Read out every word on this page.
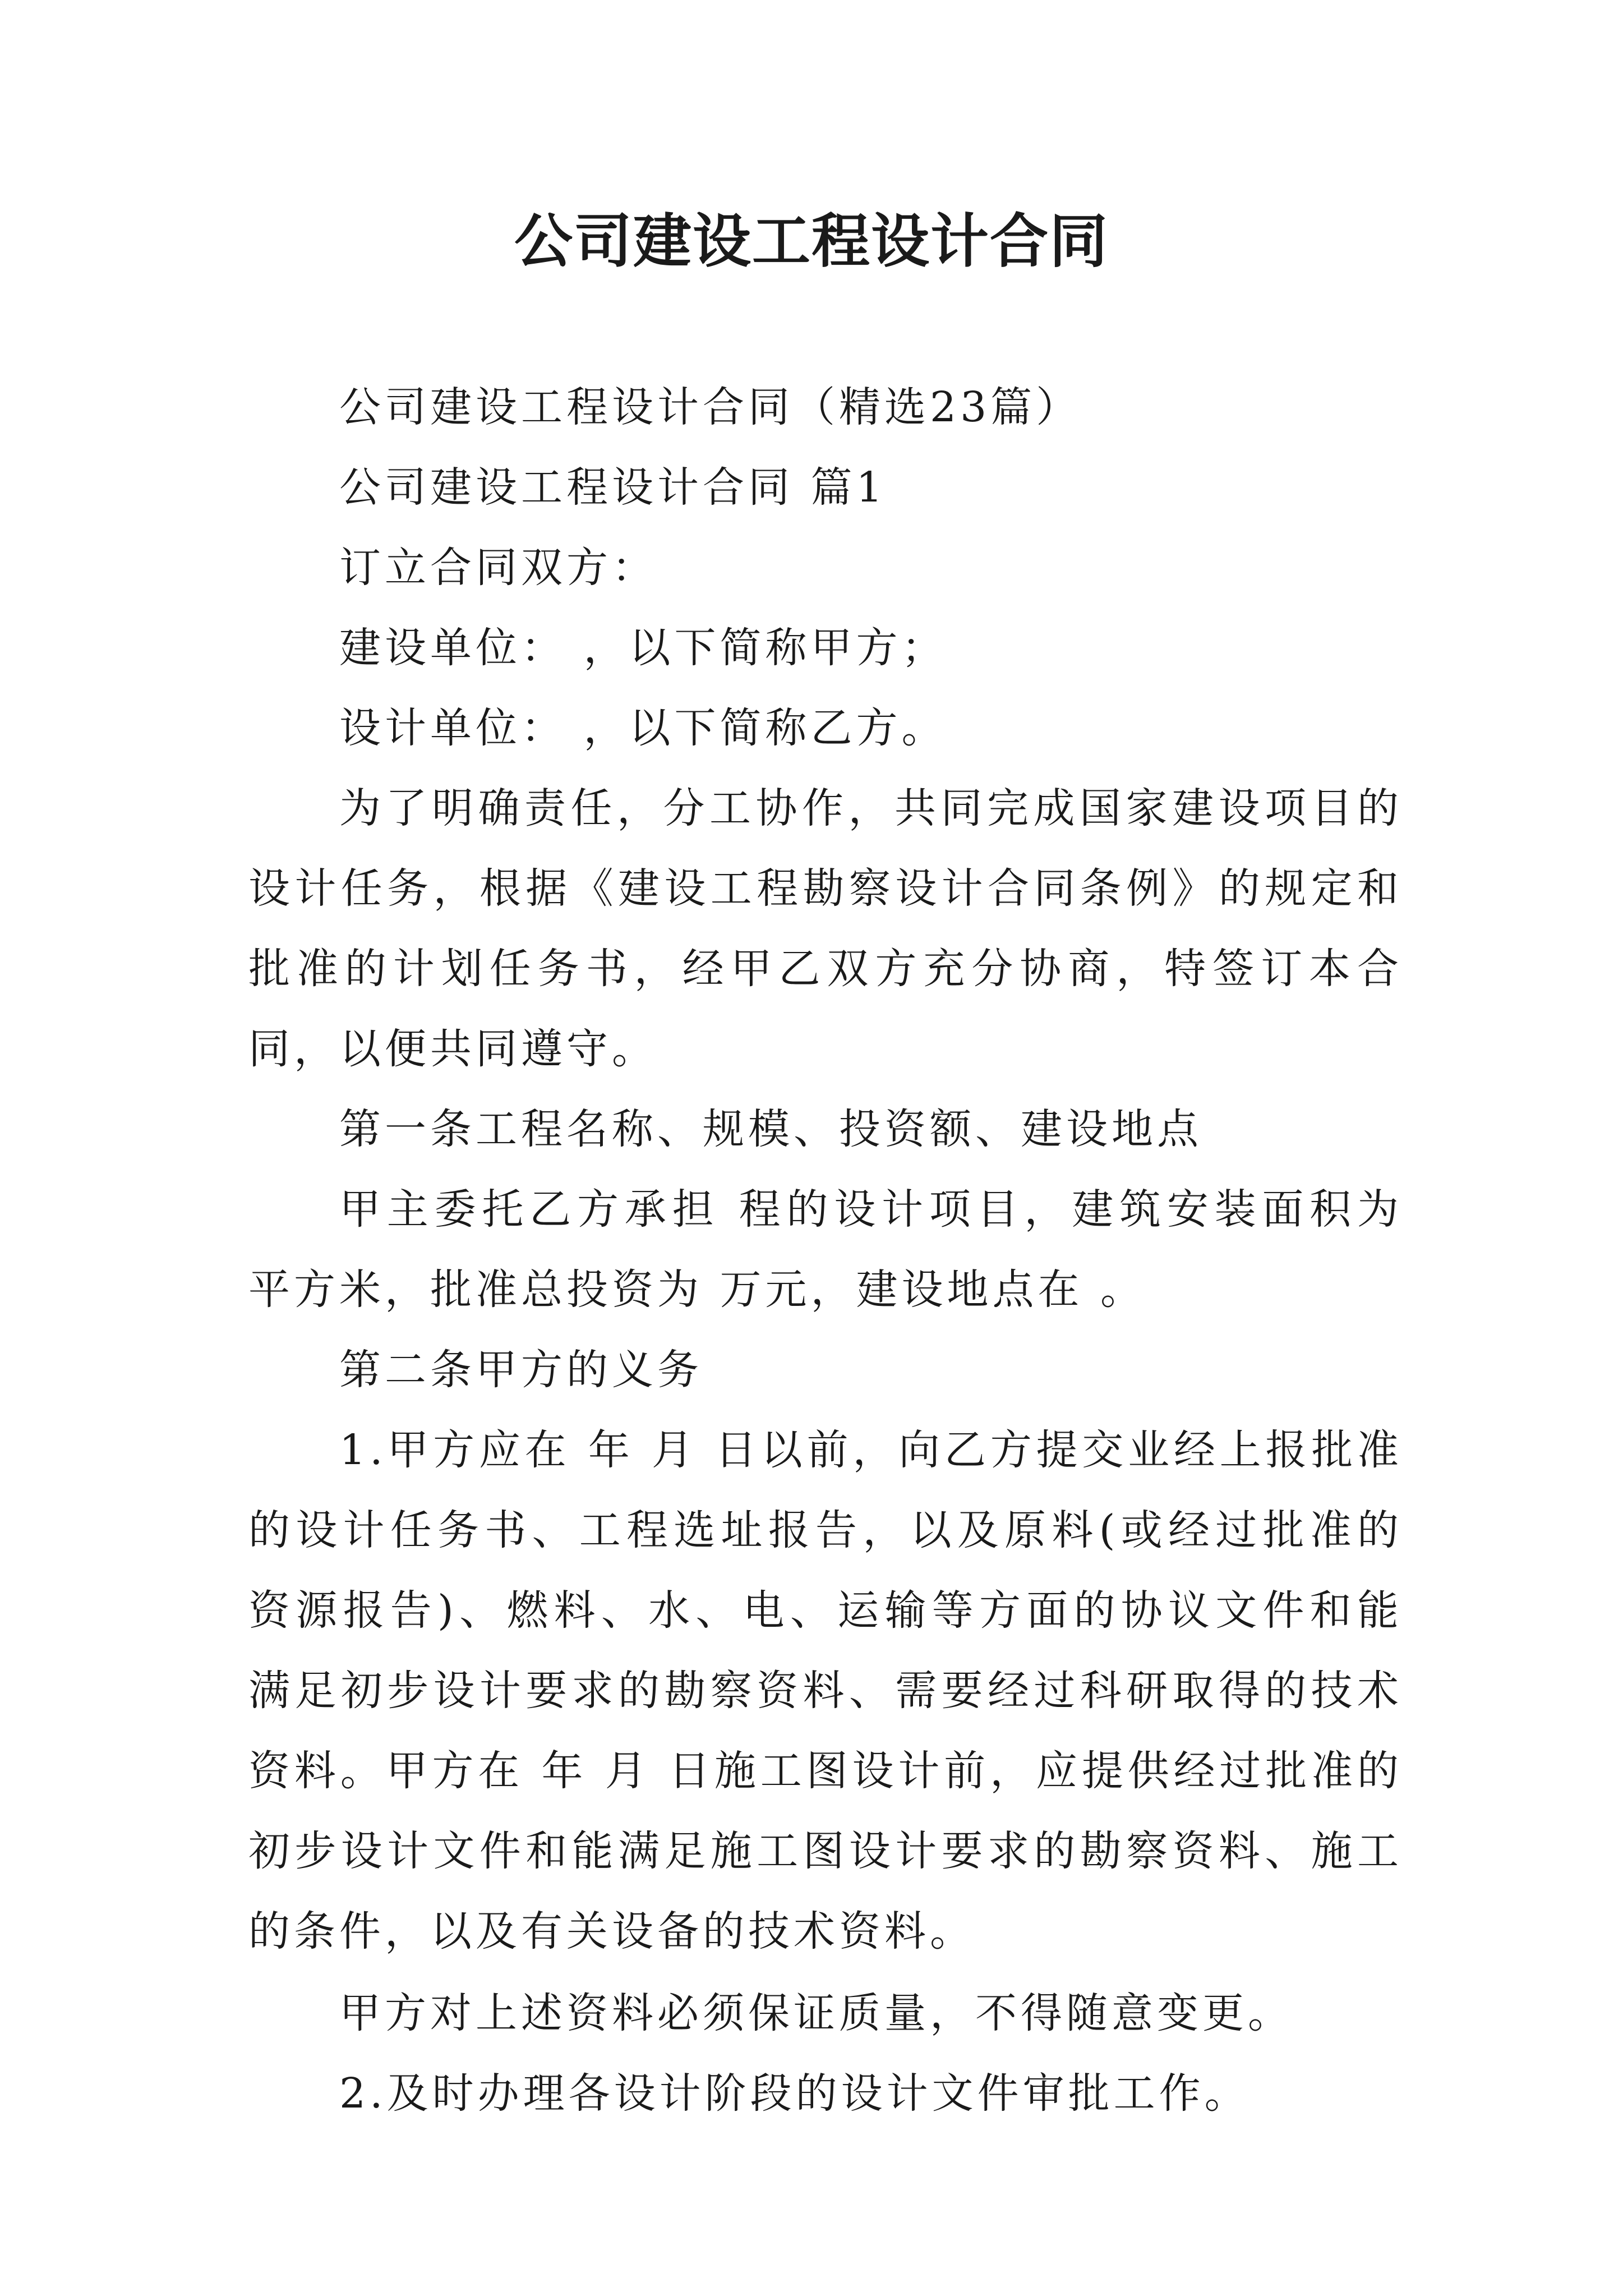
公司建设工程设计合同

公司建设工程设计合同（精选23篇）

公司建设工程设计合同 篇1

订立合同双方：

建设单位： ，以下简称甲方；

设计单位： ，以下简称乙方。

为了明确责任，分工协作，共同完成国家建设项目的设计任务，根据《建设工程勘察设计合同条例》的规定和 批准的计划任务书，经甲乙双方充分协商，特签订本合同，以便共同遵守。

第一条工程名称、规模、投资额、建设地点

甲主委托乙方承担 程的设计项目，建筑安装面积为 平方米，批准总投资为 万元，建设地点在 。

第二条甲方的义务

1.甲方应在 年 月 日以前，向乙方提交业经上报批准的设计任务书、工程选址报告，以及原料(或经过批准的资源报告)、燃料、水、电、运输等方面的协议文件和能满足初步设计要求的勘察资料、需要经过科研取得的技术资料。甲方在 年 月 日施工图设计前，应提供经过批准的初步设计文件和能满足施工图设计要求的勘察资料、施工的条件，以及有关设备的技术资料。

甲方对上述资料必须保证质量，不得随意变更。

2.及时办理各设计阶段的设计文件审批工作。
